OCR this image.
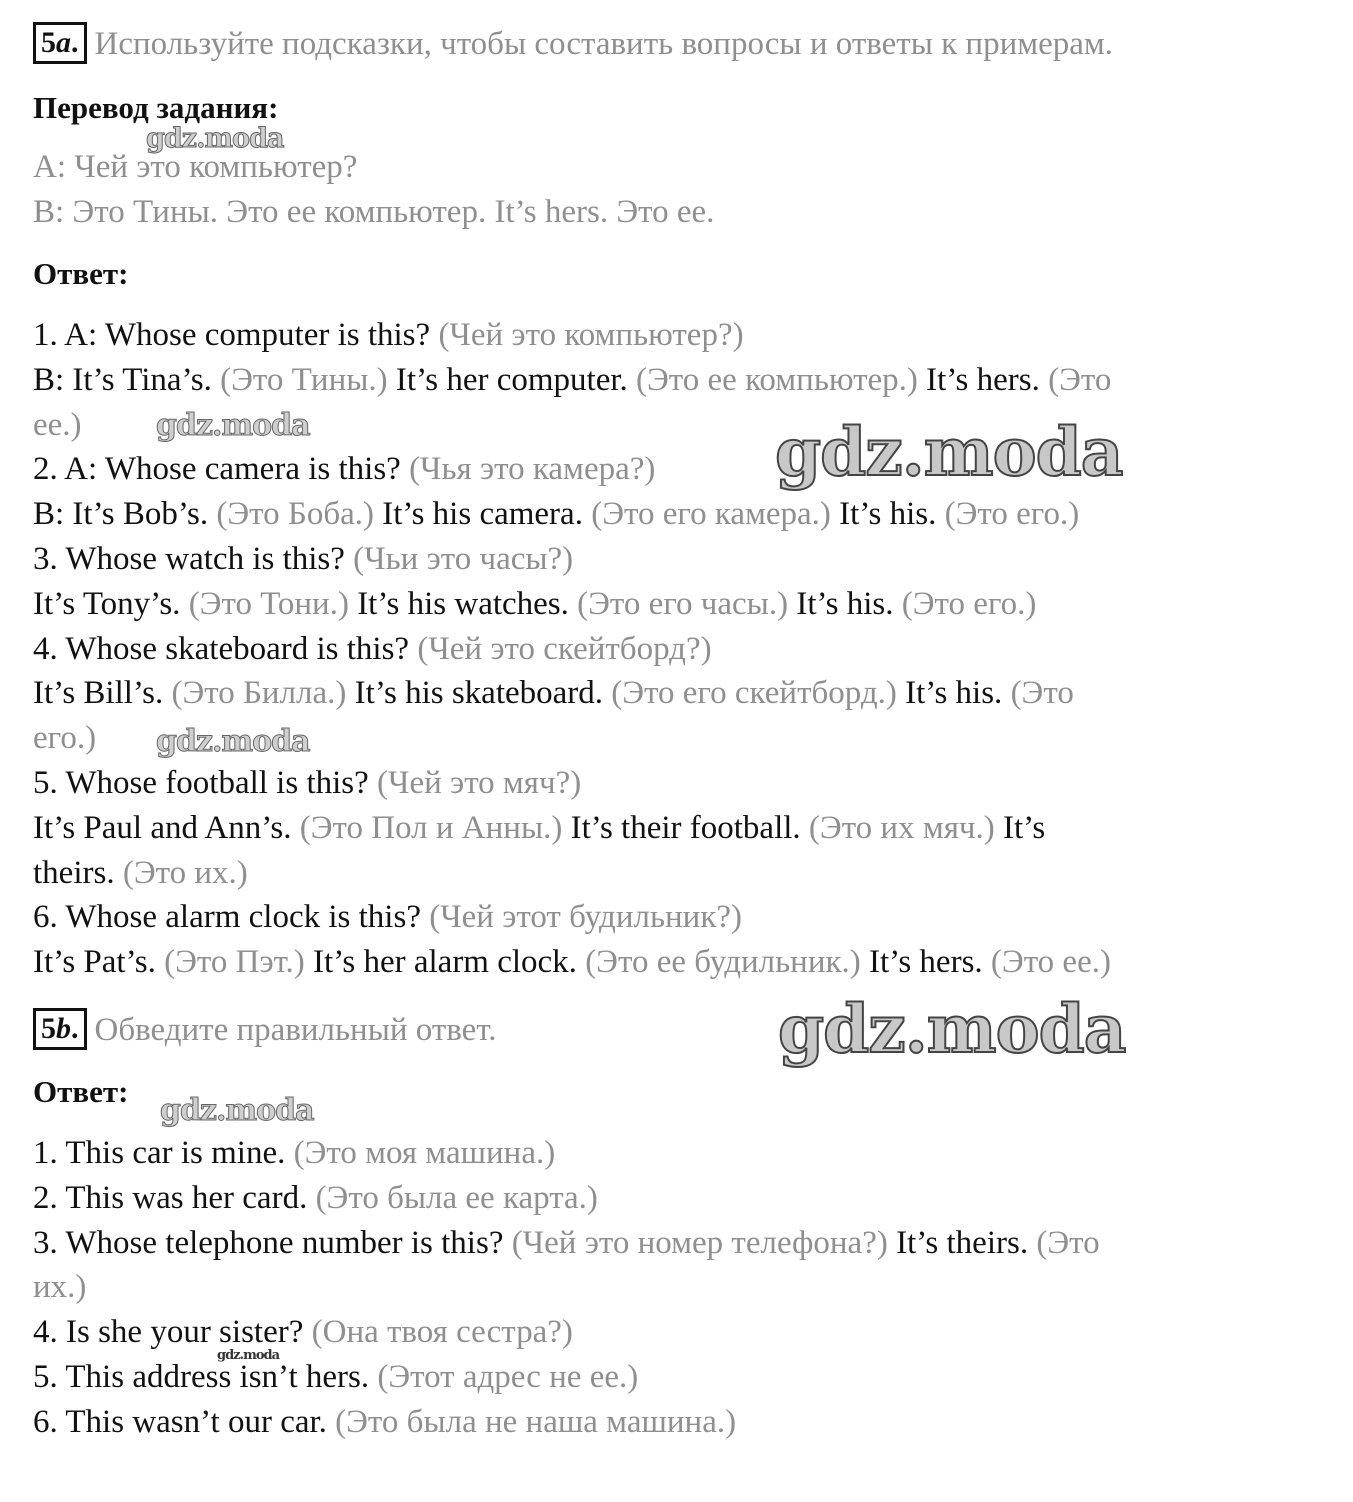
5a. Используйте подсказки, чтобы составить вопросы и ответы к примерам.
Перевод задания:
А: Чей это компьютер?
В: Это Тины. Это ее компьютер. It’s hers. Это ее.
Ответ:
1. A: Whose computer is this? (Чей это компьютер?)
B: It’s Tina’s. (Это Тины.) It’s her computer. (Это ее компьютер.) It’s hers. (Это
ее.)
2. A: Whose camera is this? (Чья это камера?)
B: It’s Bob’s. (Это Боба.) It’s his camera. (Это его камера.) It’s his. (Это его.)
3. Whose watch is this? (Чьи это часы?)
It’s Tony’s. (Это Тони.) It’s his watches. (Это его часы.) It’s his. (Это его.)
4. Whose skateboard is this? (Чей это скейтборд?)
It’s Bill’s. (Это Билла.) It’s his skateboard. (Это его скейтборд.) It’s his. (Это
его.)
5. Whose football is this? (Чей это мяч?)
It’s Paul and Ann’s. (Это Пол и Анны.) It’s their football. (Это их мяч.) It’s
theirs. (Это их.)
6. Whose alarm clock is this? (Чей этот будильник?)
It’s Pat’s. (Это Пэт.) It’s her alarm clock. (Это ее будильник.) It’s hers. (Это ее.)
5b. Обведите правильный ответ.
Ответ:
1. This car is mine. (Это моя машина.)
2. This was her card. (Это была ее карта.)
3. Whose telephone number is this? (Чей это номер телефона?) It’s theirs. (Это
их.)
4. Is she your sister? (Она твоя сестра?)
5. This address isn’t hers. (Этот адрес не ее.)
6. This wasn’t our car. (Это была не наша машина.)
gdz.moda
gdz.moda	gdz.moda
gdz.moda
gdz.moda
gdz.moda
gdz.moda
